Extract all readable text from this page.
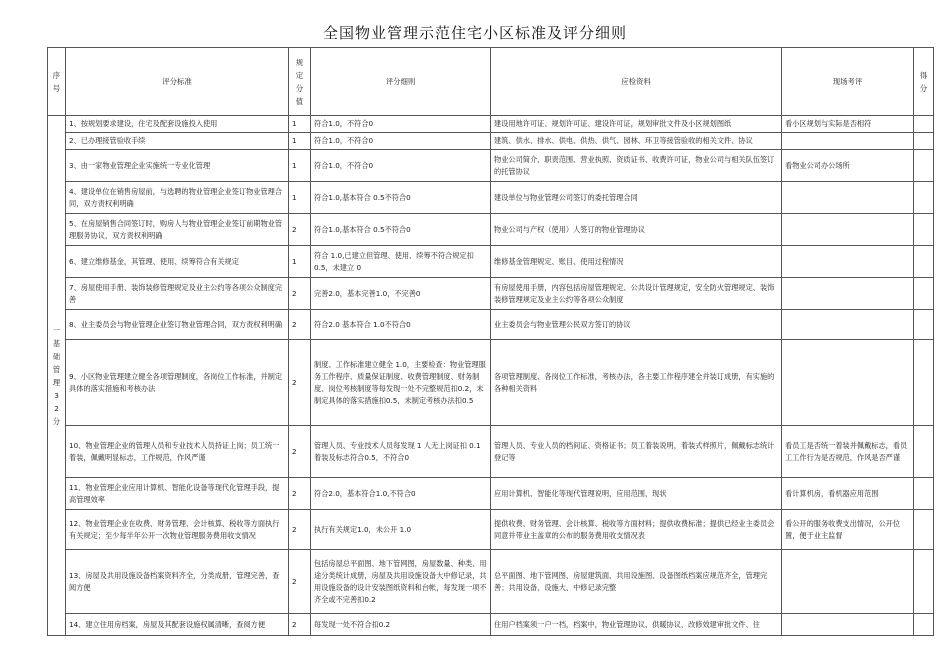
全国物业管理示范住宅小区标准及评分细则
序号	评分标准	规定分值	评分细则	应检资料	现场考评	得分

一基础管理32分	1、按规划要求建设，住宅及配套设施投入使用	1	符合1.0，不符合0	建设用地许可证、规划许可证、建设许可证，规划审批文件及小区规划图纸	看小区规划与实际是否相符	
	2、已办理接管验收手续	1	符合1.0，不符合0	建筑、供水、排水、供电、供热、供气、园林、环卫等接管验收的相关文件、协议		
	3、由一家物业管理企业实施统一专业化管理	1	符合1.0，不符合0	物业公司简介、职责范围、营业执照、资质证书、收费许可证，物业公司与相关队伍签订的托管协议	看物业公司办公场所	
	4、建设单位在销售房屋前，与选聘的物业管理企业签订物业管理合同，双方责权利明确	1	符合1.0,基本符合 0.5不符合0	建设单位与物业管理公司签订的委托管理合同		
	5、在房屋销售合同签订时，购房人与物业管理企业签订前期物业管理服务协议，双方责权利明确	2	符合1.0,基本符合 0.5不符合0	物业公司与产权（使用）人签订的物业管理协议		
	6、建立维修基金，其管理、使用、续筹符合有关规定	1	符合 1.0,已建立但管理、使用、续筹不符合规定扣0.5，未建立 0	维修基金管理规定、账目、使用过程情况		
	7、房屋使用手册、装饰装修管理规定及业主公约等各项公众制度完善	2	完善2.0，基本完善1.0，不完善0	有房屋使用手册，内容包括房屋管理规定、公共设计管理规定，安全防火管理规定、装饰装修管理规定及业主公约等各项公众制度		
	8、业主委员会与物业管理企业签订物业管理合同，双方责权利明确	2	符合2.0 基本符合 1.0不符合0	业主委员会与物业管理公民双方签订的协议		
	9、小区物业管理建立健全各项管理制度，各岗位工作标准，并制定具体的落实措施和考核办法	2	制度、工作标准建立健全 1.0，主要检查：物业管理服务工作程序、质量保证制度、收费管理制度、财务制度、岗位考核制度等每发现一处不完整规范扣0.2，未制定具体的落实措施扣0.5，未制定考核办法扣0.5	各项管理制度、各岗位工作标准，考核办法，各主要工作程序建全并装订成册，有实施的各种相关资料		
	10、物业管理企业的管理人员和专业技术人员持证上岗；员工统一着装，佩戴明显标志，工作规范，作风严谨	2	管理人员、专业技术人员每发现 1 人无上岗证扣 0.1 着装及标志符合0.5，不符合0	管理人员、专业人员的档间证、资格证书；员工着装说明，着装式样照片，佩戴标志统计登记等	看员工是否统一着装并佩戴标志，看员工工作行为是否规范，作风是否严谨	
	11、物业管理企业应用计算机、智能化设备等现代化管理手段，提高管理效率	2	符合2.0，基本符合1.0,不符合0	应用计算机、智能化等现代管理说明，应用范围，现状	看计算机房，看机器应用范围	
	12、物业管理企业在收费、财务管理、会计核算、税收等方面执行有关规定；至少每半年公开一次物业管理服务费用收支情况	2	执行有关规定1.0，未公开 1.0	提供收费、财务管理、会计核算、税收等方面材料；提供收费标准；提供已经业主委员会同意并带业主盖章的公布的服务费用收支情况表	看公开的服务收费支出情况，公开位置，便于业主监督	
	13、房屋及共用设施设备档案资料齐全，分类成册，管理完善，查阅方便	2	包括房屋总平面图、地下管网图，房屋数量、种类、用途分类统计成册，房屋及共用设施设备大中修记录，共用设施设备的设计安装图纸资料和台帐，每发现一项不齐全或不完善扣0.2	总平面图、地下管网图、房屋建筑面、共用设施图、设备图纸档案应规范齐全，管理完善；共用设备、设施大、中修记录完整		
	14、建立住用房档案，房屋及其配套设施权属清晰，查阅方便	2	每发现一处不符合扣0.2	住用户档案须一户一档，档案中，物业管理协议、供暖协议、改修效建审批文件、住		
